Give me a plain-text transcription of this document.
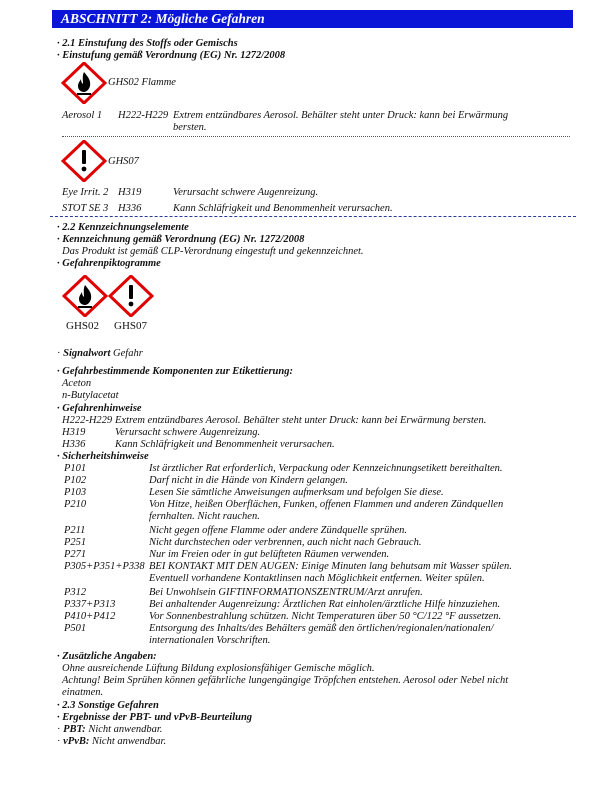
ABSCHNITT 2: Mögliche Gefahren
· 2.1 Einstufung des Stoffs oder Gemischs
· Einstufung gemäß Verordnung (EG) Nr. 1272/2008
GHS02 Flamme
Aerosol 1 H222-H229 Extrem entzündbares Aerosol. Behälter steht unter Druck: kann bei Erwärmung
bersten.
GHS07
Eye Irrit. 2 H319	Verursacht schwere Augenreizung.
STOT SE 3 H336	Kann Schläfrigkeit und Benommenheit verursachen.
· 2.2 Kennzeichnungselemente
· Kennzeichnung gemäß Verordnung (EG) Nr. 1272/2008
Das Produkt ist gemäß CLP-Verordnung eingestuft und gekennzeichnet.
· Gefahrenpiktogramme
GHS02 GHS07
· Signalwort Gefahr
· Gefahrbestimmende Komponenten zur Etikettierung:
Aceton
n-Butylacetat
· Gefahrenhinweise
H222-H229 Extrem entzündbares Aerosol. Behälter steht unter Druck: kann bei Erwärmung bersten.
H319	Verursacht schwere Augenreizung.
H336	Kann Schläfrigkeit und Benommenheit verursachen.
· Sicherheitshinweise
P101	Ist ärztlicher Rat erforderlich, Verpackung oder Kennzeichnungsetikett bereithalten.
P102	Darf nicht in die Hände von Kindern gelangen.
P103	Lesen Sie sämtliche Anweisungen aufmerksam und befolgen Sie diese.
P210	Von Hitze, heißen Oberflächen, Funken, offenen Flammen und anderen Zündquellen
fernhalten. Nicht rauchen.
P211	Nicht gegen offene Flamme oder andere Zündquelle sprühen.
P251	Nicht durchstechen oder verbrennen, auch nicht nach Gebrauch.
P271	Nur im Freien oder in gut belüfteten Räumen verwenden.
P305+P351+P338 BEI KONTAKT MIT DEN AUGEN: Einige Minuten lang behutsam mit Wasser spülen.
Eventuell vorhandene Kontaktlinsen nach Möglichkeit entfernen. Weiter spülen.
P312	Bei Unwohlsein GIFTINFORMATIONSZENTRUM/Arzt anrufen.
P337+P313	Bei anhaltender Augenreizung: Ärztlichen Rat einholen/ärztliche Hilfe hinzuziehen.
P410+P412	Vor Sonnenbestrahlung schützen. Nicht Temperaturen über 50 °C/122 °F aussetzen.
P501	Entsorgung des Inhalts/des Behälters gemäß den örtlichen/regionalen/nationalen/
internationalen Vorschriften.
· Zusätzliche Angaben:
Ohne ausreichende Lüftung Bildung explosionsfähiger Gemische möglich.
Achtung! Beim Sprühen können gefährliche lungengängige Tröpfchen entstehen. Aerosol oder Nebel nicht
einatmen.
· 2.3 Sonstige Gefahren
· Ergebnisse der PBT- und vPvB-Beurteilung
· PBT: Nicht anwendbar.
· vPvB: Nicht anwendbar.
